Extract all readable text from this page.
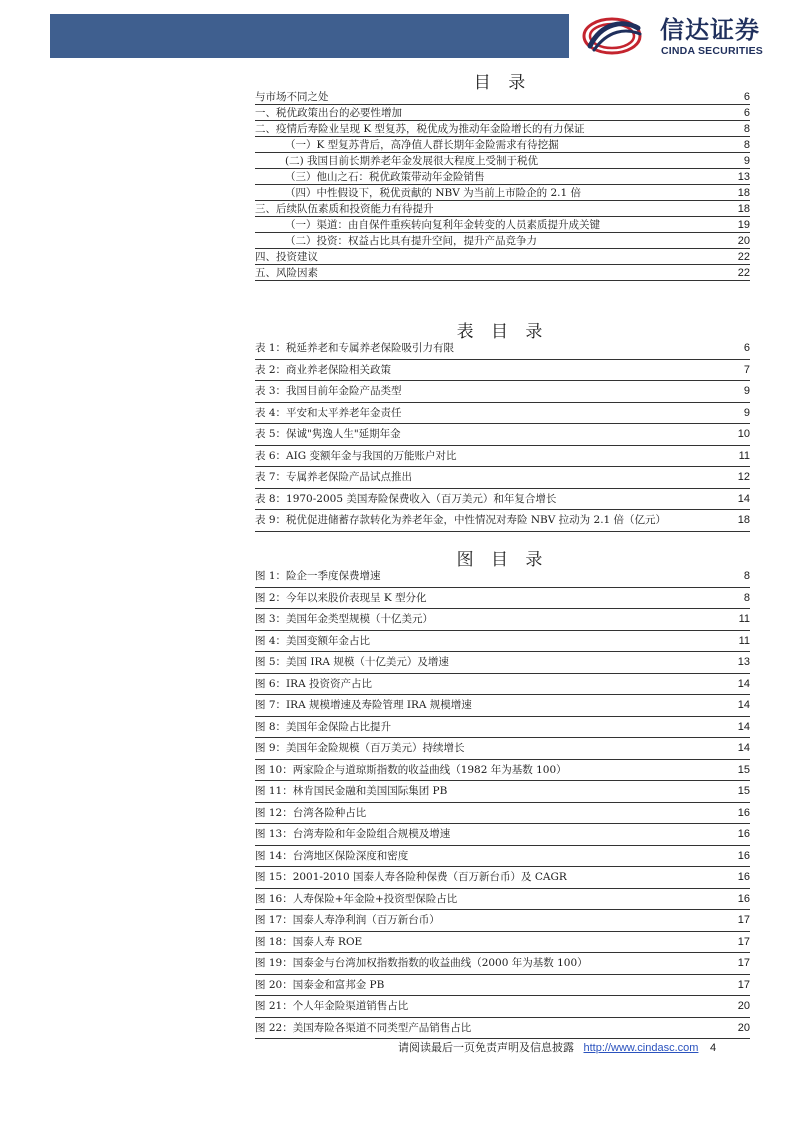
信达证券
CINDA SECURITIES
目 录
与市场不同之处	6
一、税优政策出台的必要性增加	6
二、疫情后寿险业呈现 K 型复苏，税优成为推动年金险增长的有力保证	8
（一）K 型复苏背后，高净值人群长期年金险需求有待挖掘	8
(二) 我国目前长期养老年金发展很大程度上受制于税优	9
（三）他山之石：税优政策带动年金险销售	13
（四）中性假设下，税优贡献的 NBV 为当前上市险企的 2.1 倍	18
三、后续队伍素质和投资能力有待提升	18
（一）渠道：由自保件重疾转向复利年金转变的人员素质提升成关键	19
（二）投资：权益占比具有提升空间，提升产品竞争力	20
四、投资建议	22
五、风险因素	22
表 目 录
表 1：税延养老和专属养老保险吸引力有限	6
表 2：商业养老保险相关政策	7
表 3：我国目前年金险产品类型	9
表 4：平安和太平养老年金责任	9
表 5：保诚"隽逸人生"延期年金	10
表 6：AIG 变额年金与我国的万能账户对比	11
表 7：专属养老保险产品试点推出	12
表 8：1970-2005 美国寿险保费收入（百万美元）和年复合增长	14
表 9：税优促进储蓄存款转化为养老年金，中性情况对寿险 NBV 拉动为 2.1 倍（亿元）	18
图 目 录
图 1：险企一季度保费增速	8
图 2：今年以来股价表现呈 K 型分化	8
图 3：美国年金类型规模（十亿美元）	11
图 4：美国变额年金占比	11
图 5：美国 IRA 规模（十亿美元）及增速	13
图 6：IRA 投资资产占比	14
图 7：IRA 规模增速及寿险管理 IRA 规模增速	14
图 8：美国年金保险占比提升	14
图 9：美国年金险规模（百万美元）持续增长	14
图 10：两家险企与道琼斯指数的收益曲线（1982 年为基数 100）	15
图 11：林肯国民金融和美国国际集团 PB	15
图 12：台湾各险种占比	16
图 13：台湾寿险和年金险组合规模及增速	16
图 14：台湾地区保险深度和密度	16
图 15：2001-2010 国泰人寿各险种保费（百万新台币）及 CAGR	16
图 16：人寿保险+年金险+投资型保险占比	16
图 17：国泰人寿净利润（百万新台币）	17
图 18：国泰人寿 ROE	17
图 19：国泰金与台湾加权指数指数的收益曲线（2000 年为基数 100）	17
图 20：国泰金和富邦金 PB	17
图 21：个人年金险渠道销售占比	20
图 22：美国寿险各渠道不同类型产品销售占比	20
请阅读最后一页免责声明及信息披露 http://www.cindasc.com 4
